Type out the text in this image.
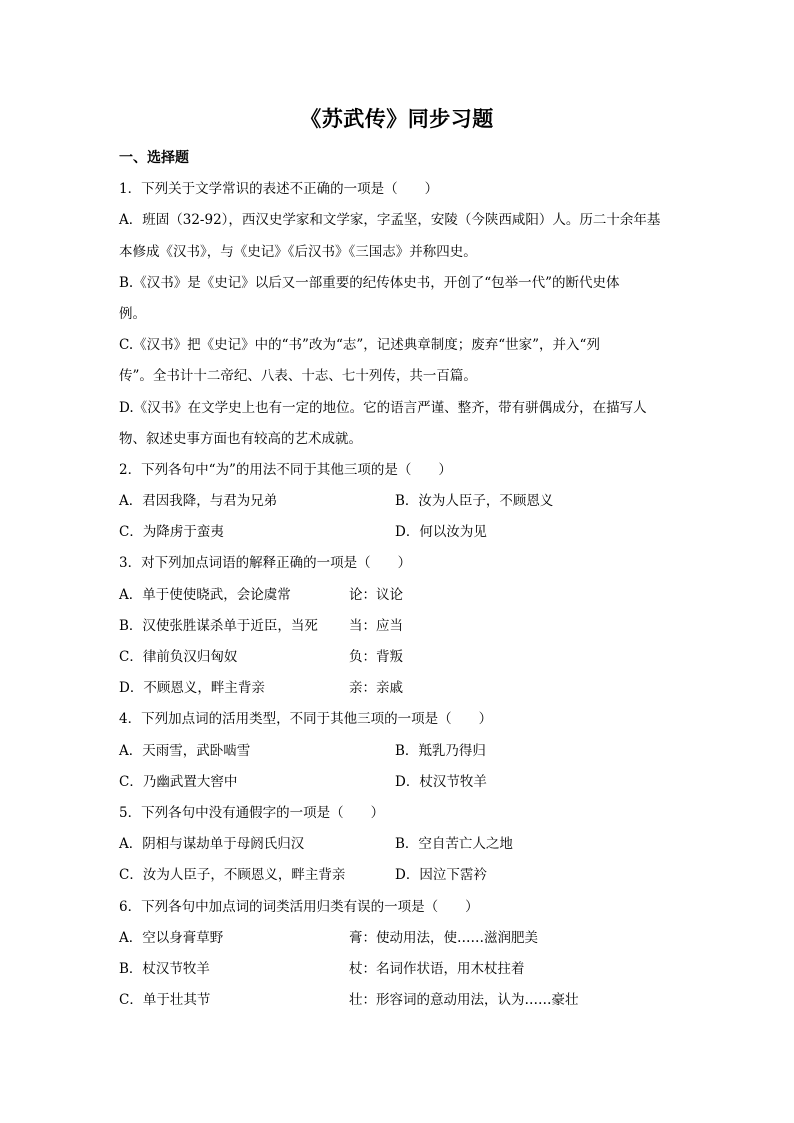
《苏武传》同步习题
一、选择题
1．下列关于文学常识的表述不正确的一项是（　　）
A．班固（32-92），西汉史学家和文学家，字孟坚，安陵（今陕西咸阳）人。历二十余年基
本修成《汉书》，与《史记》《后汉书》《三国志》并称四史。
B.《汉书》是《史记》以后又一部重要的纪传体史书，开创了“包举一代”的断代史体
例。
C.《汉书》把《史记》中的“书”改为“志”，记述典章制度；废弃“世家”，并入“列
传”。全书计十二帝纪、八表、十志、七十列传，共一百篇。
D.《汉书》在文学史上也有一定的地位。它的语言严谨、整齐，带有骈偶成分，在描写人
物、叙述史事方面也有较高的艺术成就。
2．下列各句中“为”的用法不同于其他三项的是（　　）
A．君因我降，与君为兄弟	B．汝为人臣子，不顾恩义
C．为降虏于蛮夷	D．何以汝为见
3．对下列加点词语的解释正确的一项是（　　）
A．单于使使晓武，会论虞常	论：议论
B．汉使张胜谋杀单于近臣，当死	当：应当
C．律前负汉归匈奴	负：背叛
D．不顾恩义，畔主背亲	亲：亲戚
4．下列加点词的活用类型，不同于其他三项的一项是（　　）
A．天雨雪，武卧啮雪	B．羝乳乃得归
C．乃幽武置大窖中	D．杖汉节牧羊
5．下列各句中没有通假字的一项是（　　）
A．阴相与谋劫单于母阏氏归汉	B．空自苦亡人之地
C．汝为人臣子，不顾恩义，畔主背亲	D．因泣下霑衿
6．下列各句中加点词的词类活用归类有误的一项是（　　）
A．空以身膏草野	膏：使动用法，使……滋润肥美
B．杖汉节牧羊	杖：名词作状语，用木杖拄着
C．单于壮其节	壮：形容词的意动用法，认为……豪壮
